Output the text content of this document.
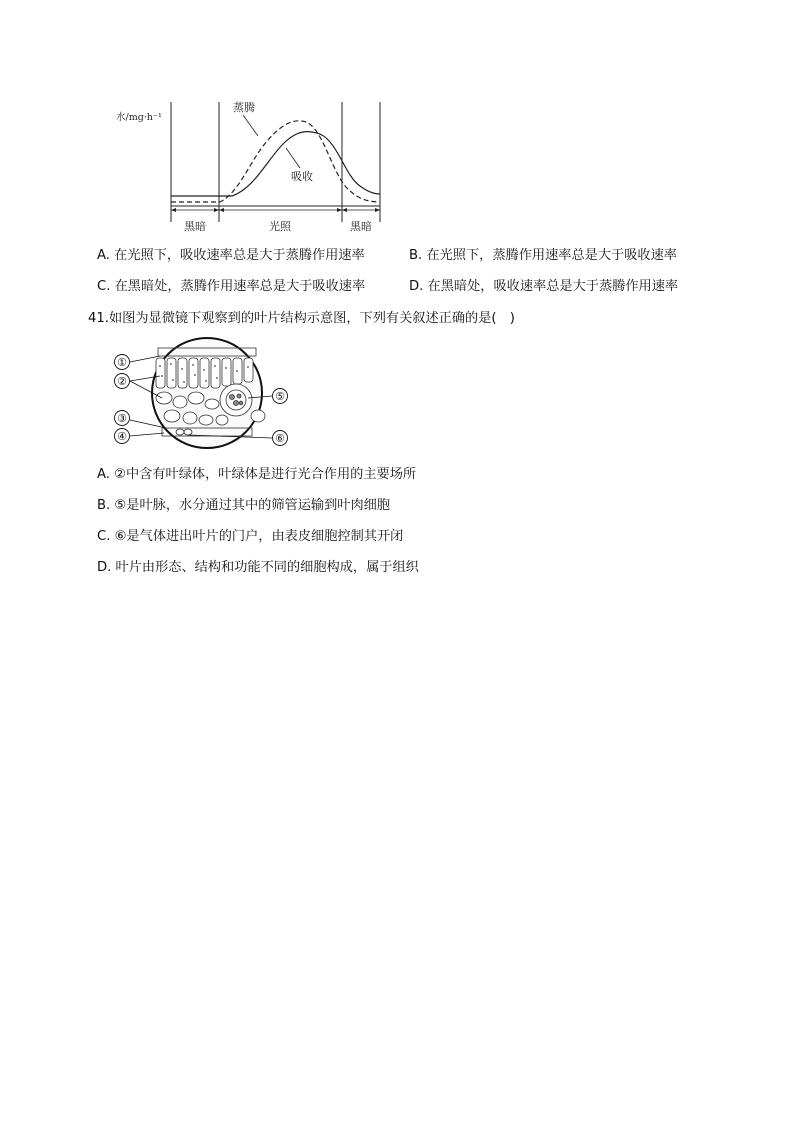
水/mg·h⁻¹
黑暗	光照	黑暗
蒸腾
吸收
A. 在光照下，吸收速率总是大于蒸腾作用速率	B. 在光照下，蒸腾作用速率总是大于吸收速率
C. 在黑暗处，蒸腾作用速率总是大于吸收速率	D. 在黑暗处，吸收速率总是大于蒸腾作用速率
41.如图为显微镜下观察到的叶片结构示意图，下列有关叙述正确的是(　)
①
②
③
④
⑤
⑥
A. ②中含有叶绿体，叶绿体是进行光合作用的主要场所
B. ⑤是叶脉，水分通过其中的筛管运输到叶肉细胞
C. ⑥是气体进出叶片的门户，由表皮细胞控制其开闭
D. 叶片由形态、结构和功能不同的细胞构成，属于组织
